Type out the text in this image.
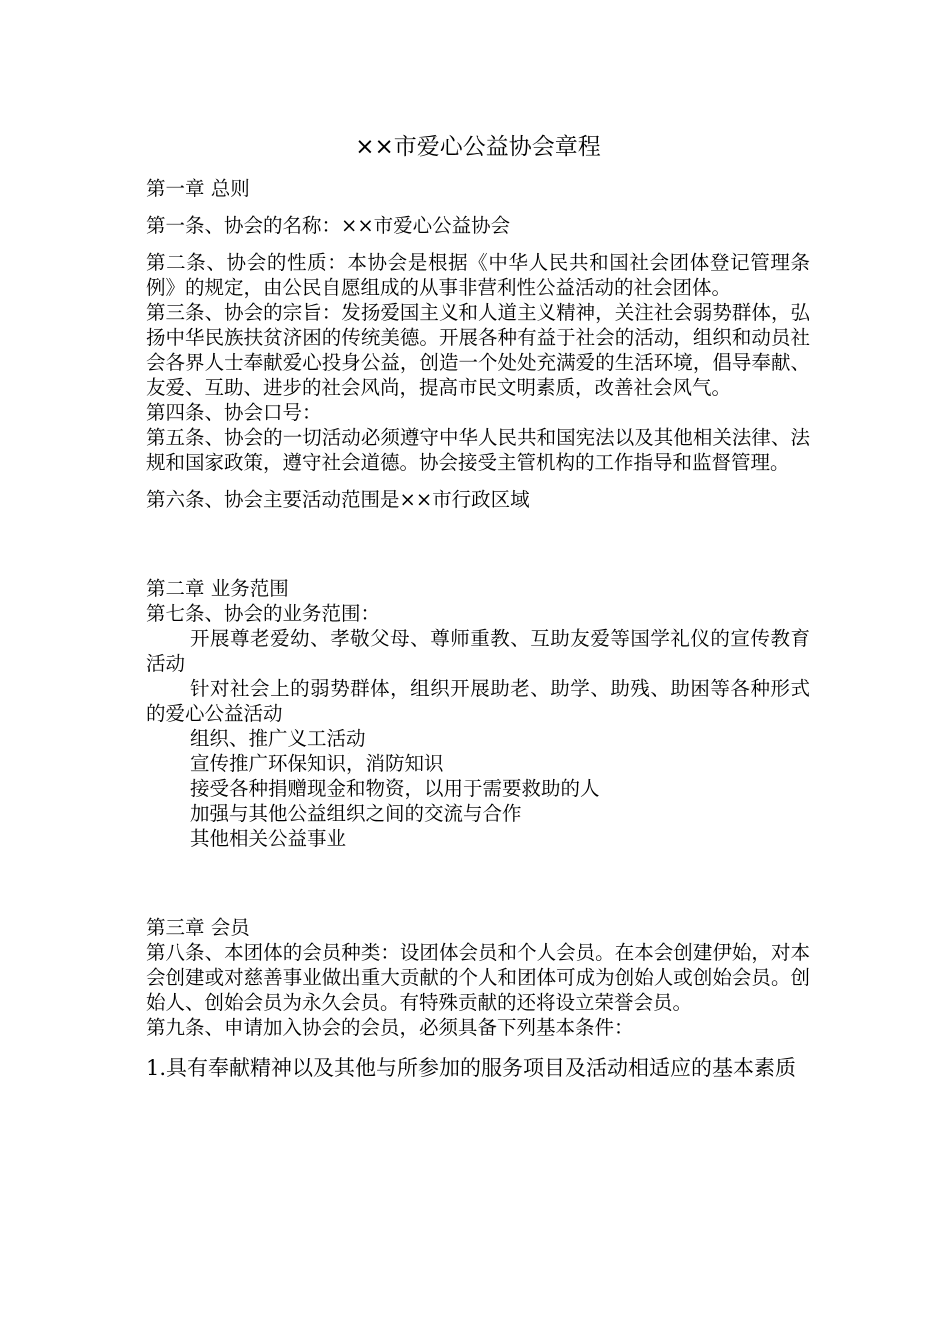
××市爱心公益协会章程

第一章 总则

第一条、协会的名称：××市爱心公益协会

第二条、协会的性质：本协会是根据《中华人民共和国社会团体登记管理条例》的规定，由公民自愿组成的从事非营利性公益活动的社会团体。

第三条、协会的宗旨：发扬爱国主义和人道主义精神，关注社会弱势群体，弘扬中华民族扶贫济困的传统美德。开展各种有益于社会的活动，组织和动员社会各界人士奉献爱心投身公益，创造一个处处充满爱的生活环境，倡导奉献、友爱、互助、进步的社会风尚，提高市民文明素质，改善社会风气。

第四条、协会口号：

第五条、协会的一切活动必须遵守中华人民共和国宪法以及其他相关法律、法规和国家政策，遵守社会道德。协会接受主管机构的工作指导和监督管理。

第六条、协会主要活动范围是××市行政区域

第二章 业务范围

第七条、协会的业务范围：

开展尊老爱幼、孝敬父母、尊师重教、互助友爱等国学礼仪的宣传教育活动

针对社会上的弱势群体，组织开展助老、助学、助残、助困等各种形式的爱心公益活动

组织、推广义工活动

宣传推广环保知识，消防知识

接受各种捐赠现金和物资，以用于需要救助的人

加强与其他公益组织之间的交流与合作

其他相关公益事业

第三章 会员

第八条、本团体的会员种类：设团体会员和个人会员。在本会创建伊始，对本会创建或对慈善事业做出重大贡献的个人和团体可成为创始人或创始会员。创始人、创始会员为永久会员。有特殊贡献的还将设立荣誉会员。

第九条、申请加入协会的会员，必须具备下列基本条件：

1.具有奉献精神以及其他与所参加的服务项目及活动相适应的基本素质
